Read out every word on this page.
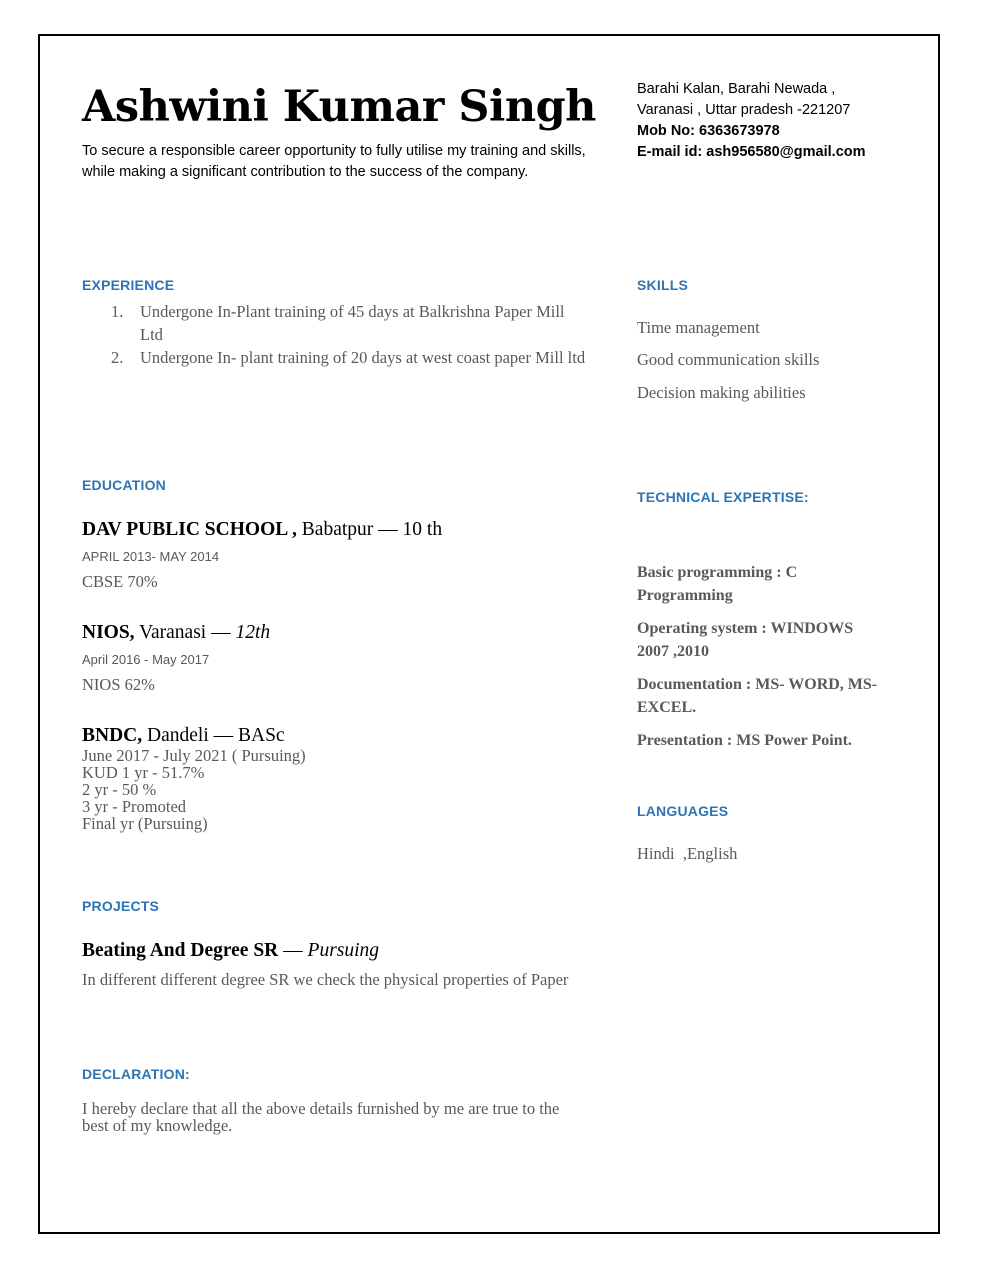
Ashwini Kumar Singh

To secure a responsible career opportunity to fully utilise my training and skills, while making a significant contribution to the success of the company.

Barahi Kalan, Barahi Newada ,
Varanasi , Uttar pradesh -221207
Mob No: 6363673978
E-mail id: ash956580@gmail.com
EXPERIENCE
1. Undergone In-Plant training of 45 days at Balkrishna Paper Mill Ltd
2. Undergone In- plant training of 20 days at west coast paper Mill ltd
SKILLS
Time management
Good communication skills
Decision making abilities
EDUCATION
DAV PUBLIC SCHOOL , Babatpur — 10 th
APRIL 2013- MAY 2014
CBSE 70%
NIOS, Varanasi — 12th
April 2016 - May 2017
NIOS 62%
BNDC, Dandeli — BASc
June 2017 - July 2021 ( Pursuing)
KUD 1 yr - 51.7%
2 yr - 50 %
3 yr - Promoted
Final yr (Pursuing)
TECHNICAL EXPERTISE:
Basic programming : C Programming
Operating system : WINDOWS 2007 ,2010
Documentation : MS- WORD, MS- EXCEL.
Presentation : MS Power Point.
LANGUAGES
Hindi  ,English
PROJECTS
Beating And Degree SR — Pursuing
In different different degree SR we check the physical properties of Paper
DECLARATION:
I hereby declare that all the above details furnished by me are true to the best of my knowledge.
